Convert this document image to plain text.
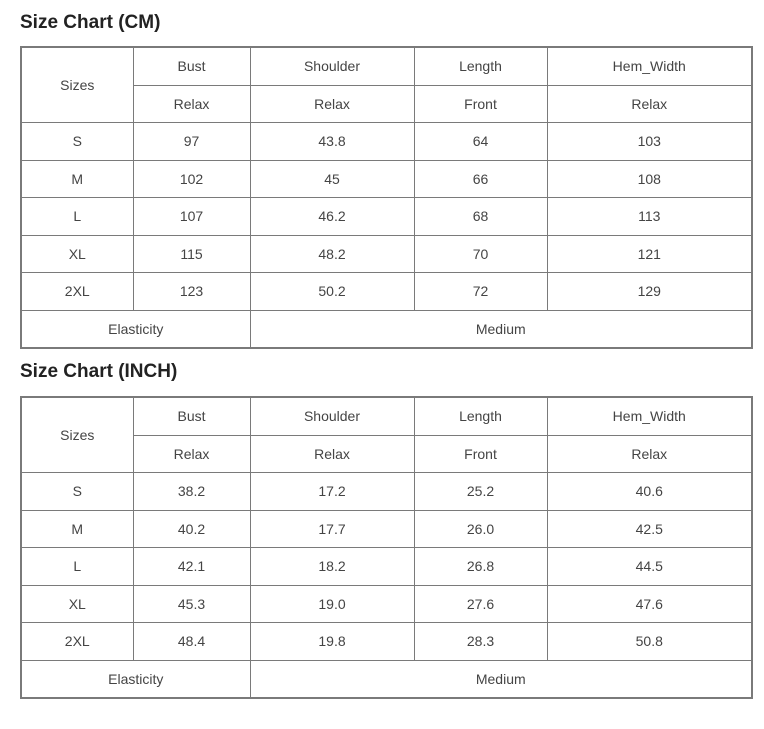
Size Chart (CM)
Sizes	Bust	Shoulder	Length	Hem_Width
	Relax	Relax	Front	Relax
S	97	43.8	64	103
M	102	45	66	108
L	107	46.2	68	113
XL	115	48.2	70	121
2XL	123	50.2	72	129
Elasticity		Medium		
Size Chart (INCH)
Sizes	Bust	Shoulder	Length	Hem_Width
	Relax	Relax	Front	Relax
S	38.2	17.2	25.2	40.6
M	40.2	17.7	26.0	42.5
L	42.1	18.2	26.8	44.5
XL	45.3	19.0	27.6	47.6
2XL	48.4	19.8	28.3	50.8
Elasticity		Medium		
